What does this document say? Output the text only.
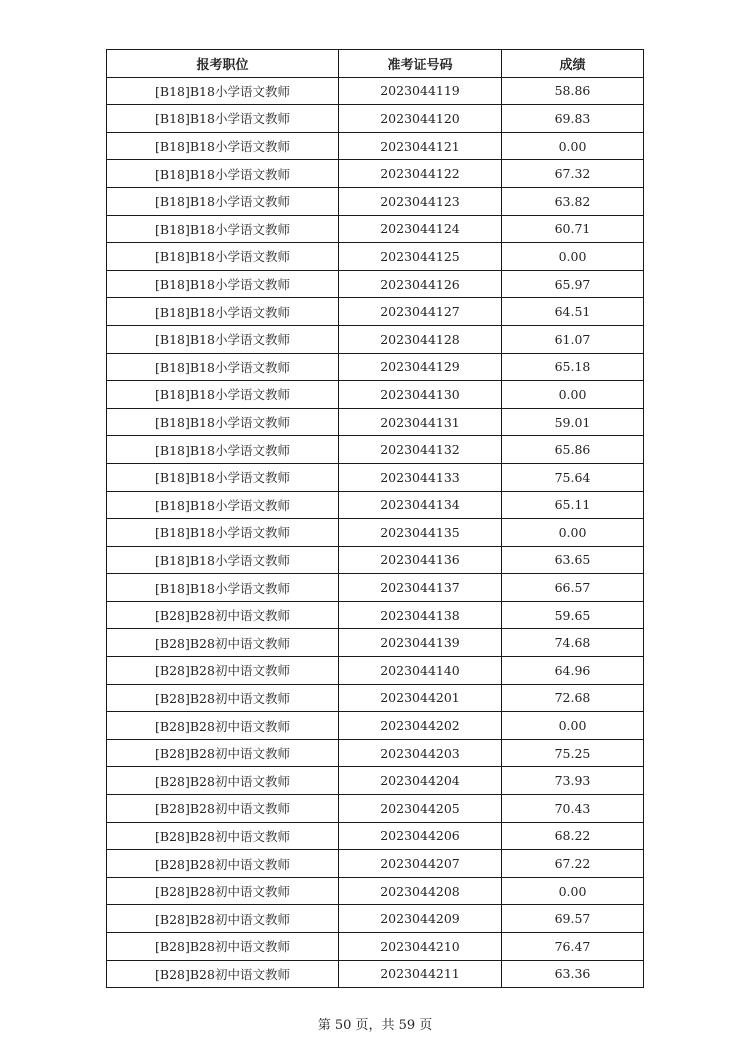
报考职位	准考证号码	成绩
[B18]B18小学语文教师	2023044119	58.86
[B18]B18小学语文教师	2023044120	69.83
[B18]B18小学语文教师	2023044121	0.00
[B18]B18小学语文教师	2023044122	67.32
[B18]B18小学语文教师	2023044123	63.82
[B18]B18小学语文教师	2023044124	60.71
[B18]B18小学语文教师	2023044125	0.00
[B18]B18小学语文教师	2023044126	65.97
[B18]B18小学语文教师	2023044127	64.51
[B18]B18小学语文教师	2023044128	61.07
[B18]B18小学语文教师	2023044129	65.18
[B18]B18小学语文教师	2023044130	0.00
[B18]B18小学语文教师	2023044131	59.01
[B18]B18小学语文教师	2023044132	65.86
[B18]B18小学语文教师	2023044133	75.64
[B18]B18小学语文教师	2023044134	65.11
[B18]B18小学语文教师	2023044135	0.00
[B18]B18小学语文教师	2023044136	63.65
[B18]B18小学语文教师	2023044137	66.57
[B28]B28初中语文教师	2023044138	59.65
[B28]B28初中语文教师	2023044139	74.68
[B28]B28初中语文教师	2023044140	64.96
[B28]B28初中语文教师	2023044201	72.68
[B28]B28初中语文教师	2023044202	0.00
[B28]B28初中语文教师	2023044203	75.25
[B28]B28初中语文教师	2023044204	73.93
[B28]B28初中语文教师	2023044205	70.43
[B28]B28初中语文教师	2023044206	68.22
[B28]B28初中语文教师	2023044207	67.22
[B28]B28初中语文教师	2023044208	0.00
[B28]B28初中语文教师	2023044209	69.57
[B28]B28初中语文教师	2023044210	76.47
[B28]B28初中语文教师	2023044211	63.36
第 50 页，共 59 页
